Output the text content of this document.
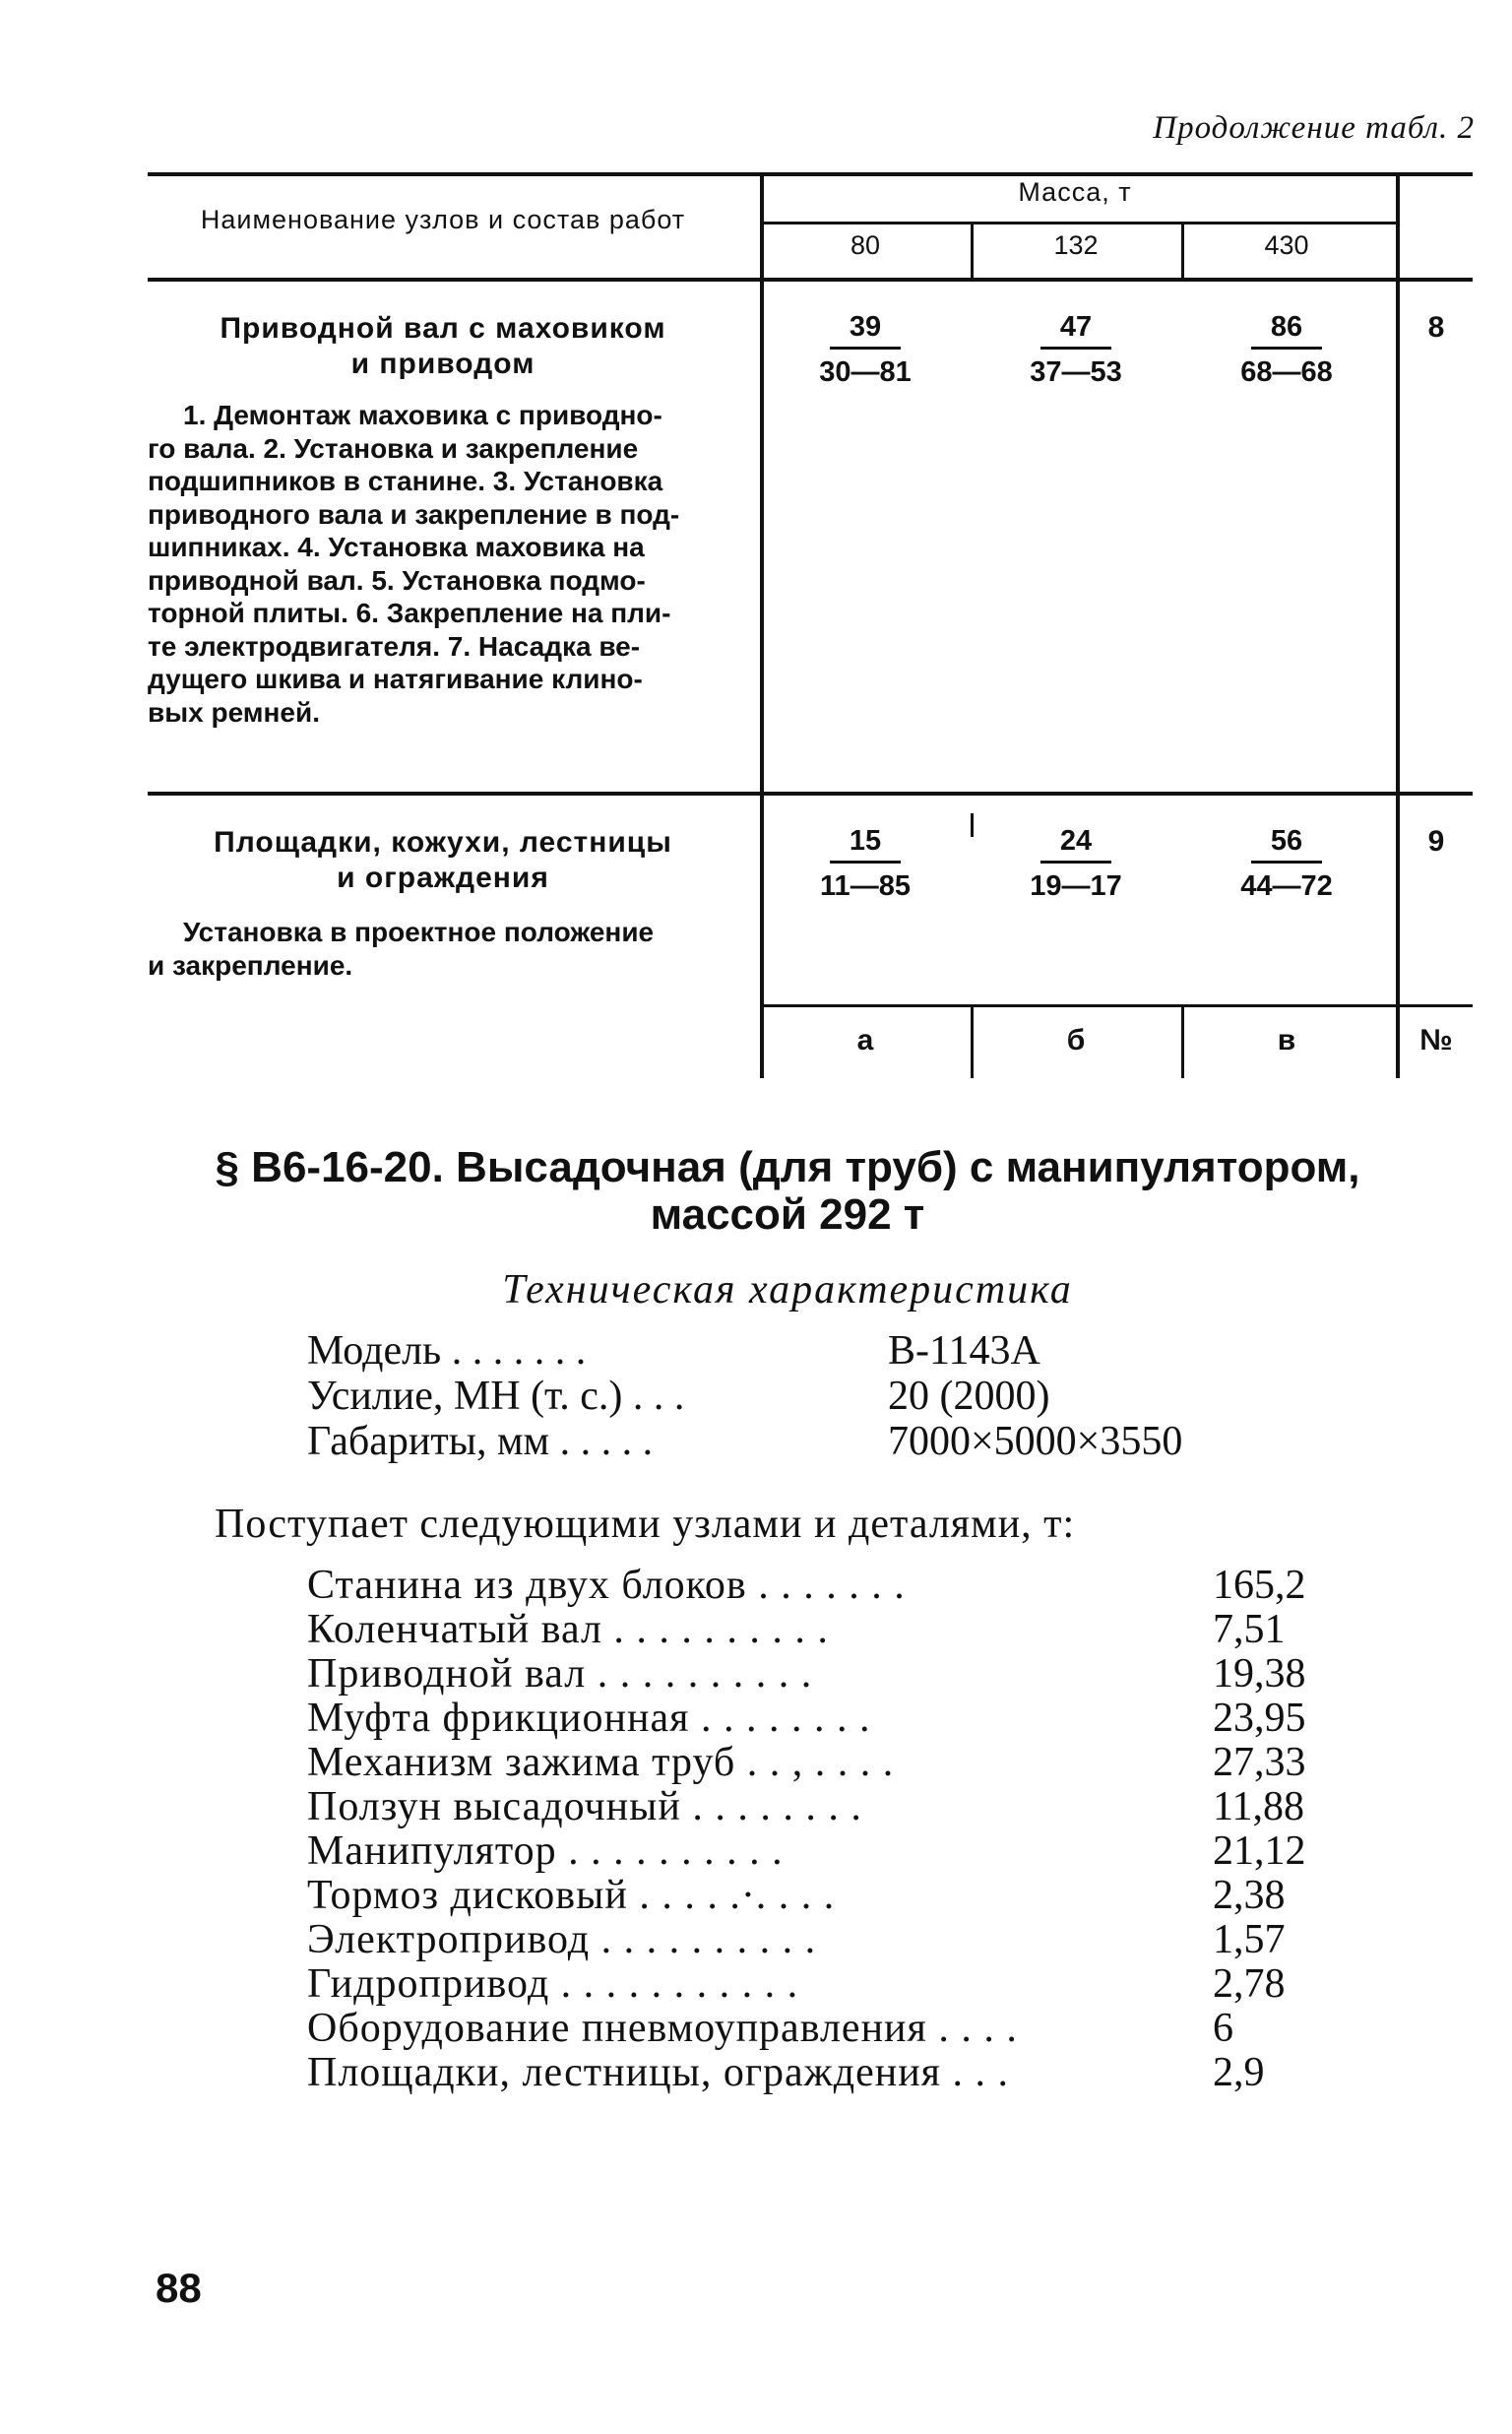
Продолжение табл. 2
Наименование узлов и состав работ
Масса, т
80	132	430
Приводной вал с маховиком
и приводом
1. Демонтаж маховика с приводно-
го вала. 2. Установка и закрепление
подшипников в станине. 3. Установка
приводного вала и закрепление в под-
шипниках. 4. Установка маховика на
приводной вал. 5. Установка подмо-
торной плиты. 6. Закрепление на пли-
те электродвигателя. 7. Насадка ве-
дущего шкива и натягивание клино-
вых ремней.
$\frac{39}{30—81} \frac{47}{37—53} \frac{86}{68—68}$	8
Площадки, кожухи, лестницы
и ограждения
Установка в проектное положение
и закрепление.
$\frac{15}{11—85} \frac{24}{19—17} \frac{56}{44—72}$	9
а	б	в	№
§ В6-16-20. Высадочная (для труб) с манипулятором,
массой 292 т
Техническая характеристика
Модель . . . . . . .	В-1143А
Усилие, МН (т. с.) . . .	20 (2000)
Габариты, мм . . . . .	7000×5000×3550
Поступает следующими узлами и деталями, т:
Станина из двух блоков . . . . . . .	165,2
Коленчатый вал . . . . . . . . . .	7,51
Приводной вал . . . . . . . . . .	19,38
Муфта фрикционная . . . . . . . .	23,95
Механизм зажима труб . . , . . . .	27,33
Ползун высадочный . . . . . . . .	11,88
Манипулятор . . . . . . . . . .	21,12
Тормоз дисковый . . . . .·. . . .	2,38
Электропривод . . . . . . . . . .	1,57
Гидропривод . . . . . . . . . . .	2,78
Оборудование пневмоуправления . . . .	6
Площадки, лестницы, ограждения . . .	2,9
88
